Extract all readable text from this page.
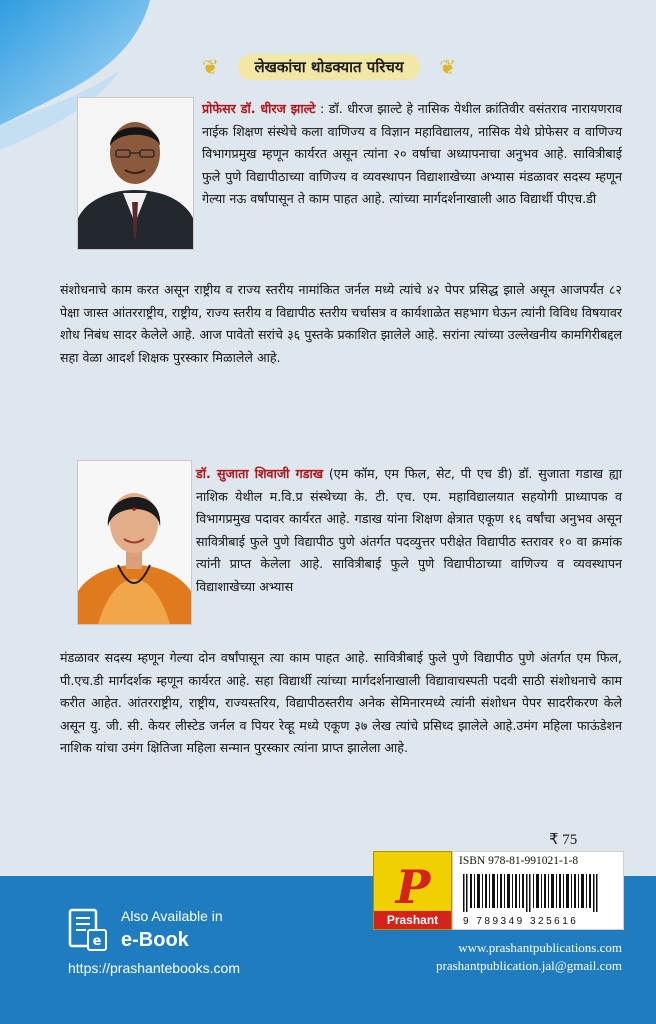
❦	लेखकांचा थोडक्यात परिचय	❦

प्रोफेसर डॉ. धीरज झाल्टे : डॉ. धीरज झाल्टे हे नासिक येथील क्रांतिवीर वसंतराव नारायणराव नाईक शिक्षण संस्थेचे कला वाणिज्य व विज्ञान महाविद्यालय, नासिक येथे प्रोफेसर व वाणिज्य विभागप्रमुख म्हणून कार्यरत असून त्यांना २० वर्षाचा अध्यापनाचा अनुभव आहे. सावित्रीबाई फुले पुणे विद्यापीठाच्या वाणिज्य व व्यवस्थापन विद्याशाखेच्या अभ्यास मंडळावर सदस्य म्हणून गेल्या नऊ वर्षांपासून ते काम पाहत आहे. त्यांच्या मार्गदर्शनाखाली आठ विद्यार्थी पीएच.डी

संशोधनाचे काम करत असून राष्ट्रीय व राज्य स्तरीय नामांकित जर्नल मध्ये त्यांचे ४२ पेपर प्रसिद्ध झाले असून आजपर्यंत ८२ पेक्षा जास्त आंतरराष्ट्रीय, राष्ट्रीय, राज्य स्तरीय व विद्यापीठ स्तरीय चर्चासत्र व कार्यशाळेत सहभाग घेऊन त्यांनी विविध विषयावर शोध निबंध सादर केलेले आहे. आज पावेतो सरांचे ३६ पुस्तके प्रकाशित झालेले आहे. सरांना त्यांच्या उल्लेखनीय कामगिरीबद्दल सहा वेळा आदर्श शिक्षक पुरस्कार मिळालेले आहे.

डॉ. सुजाता शिवाजी गडाख (एम कॉम, एम फिल, सेट, पी एच डी) डॉ. सुजाता गडाख ह्या नाशिक येथील म.वि.प्र संस्थेच्या के. टी. एच. एम. महाविद्यालयात सहयोगी प्राध्यापक व विभागप्रमुख पदावर कार्यरत आहे. गडाख यांना शिक्षण क्षेत्रात एकूण १६ वर्षांचा अनुभव असून सावित्रीबाई फुले पुणे विद्यापीठ पुणे अंतर्गत पदव्युत्तर परीक्षेत विद्यापीठ स्तरावर १० वा क्रमांक त्यांनी प्राप्त केलेला आहे. सावित्रीबाई फुले पुणे विद्यापीठाच्या वाणिज्य व व्यवस्थापन विद्याशाखेच्या अभ्यास

मंडळावर सदस्य म्हणून गेल्या दोन वर्षांपासून त्या काम पाहत आहे. सावित्रीबाई फुले पुणे विद्यापीठ पुणे अंतर्गत एम फिल, पी.एच.डी मार्गदर्शक म्हणून कार्यरत आहे. सहा विद्यार्थी त्यांच्या मार्गदर्शनाखाली विद्यावाचस्पती पदवी साठी संशोधनाचे काम करीत आहेत. आंतरराष्ट्रीय, राष्ट्रीय, राज्यस्तरिय, विद्यापीठस्तरीय अनेक सेमिनारमध्ये त्यांनी संशोधन पेपर सादरीकरण केले असून यु. जी. सी. केयर लीस्टेड जर्नल व पियर रेव्हू मध्ये एकूण ३७ लेख त्यांचे प्रसिध्द झालेले आहे.उमंग महिला फाऊंडेशन नाशिक यांचा उमंग क्षितिजा महिला सन्मान पुरस्कार त्यांना प्राप्त झालेला आहे.

₹ 75
P
Prashant
ISBN 978-81-991021-1-8
9 789349 325616
e
Also Available in
e-Book
https://prashantebooks.com
www.prashantpublications.com
prashantpublication.jal@gmail.com
